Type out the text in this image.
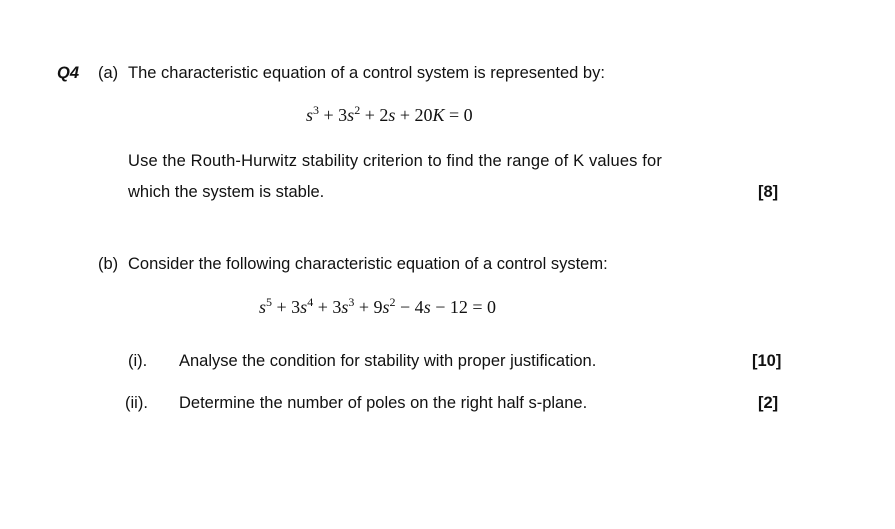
Q4 (a) The characteristic equation of a control system is represented by:
$s^3 + 3s^2 + 2s + 20K = 0$
Use the Routh-Hurwitz stability criterion to find the range of K values for
which the system is stable.	[8]
(b) Consider the following characteristic equation of a control system:
$s^5 + 3s^4 + 3s^3 + 9s^2 - 4s - 12 = 0$
(i). Analyse the condition for stability with proper justification.	[10]
(ii). Determine the number of poles on the right half s-plane.	[2]
